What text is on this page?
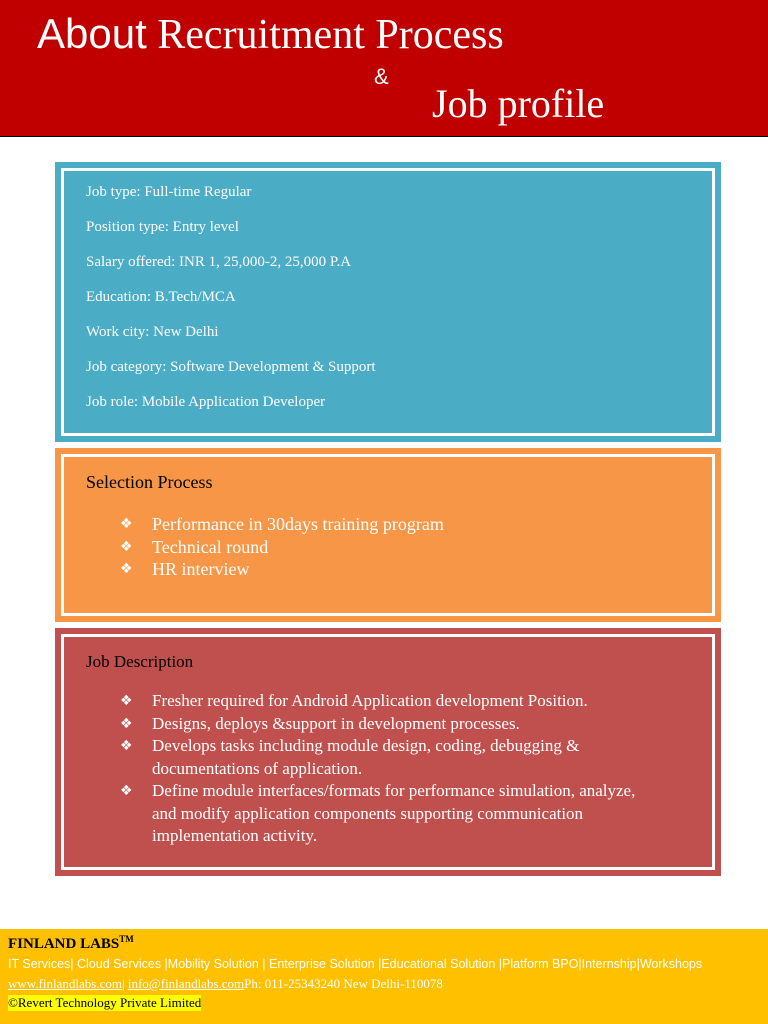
About Recruitment Process
&
Job profile
Job type: Full-time Regular
Position type: Entry level
Salary offered: INR 1, 25,000-2, 25,000 P.A
Education: B.Tech/MCA
Work city: New Delhi
Job category: Software Development & Support
Job role: Mobile Application Developer
Selection Process
❖ Performance in 30days training program
❖ Technical round
❖ HR interview
Job Description
❖ Fresher required for Android Application development Position.
❖ Designs, deploys &support in development processes.
❖ Develops tasks including module design, coding, debugging &
documentations of application.
❖ Define module interfaces/formats for performance simulation, analyze,
and modify application components supporting communication
implementation activity.
FINLAND LABS™
IT Services| Cloud Services |Mobility Solution | Enterprise Solution |Educational Solution |Platform BPO|Internship|Workshops
www.finlandlabs.com| info@finlandlabs.comPh: 011-25343240 New Delhi-110078
©Revert Technology Private Limited
